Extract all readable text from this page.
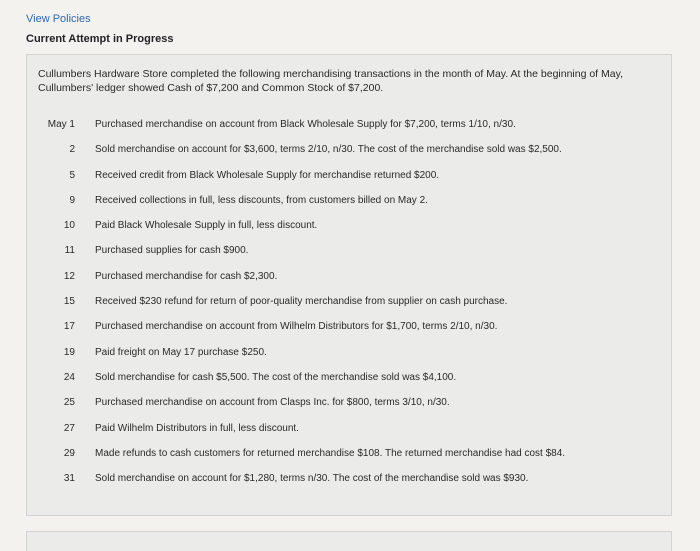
View Policies
Current Attempt in Progress
Cullumbers Hardware Store completed the following merchandising transactions in the month of May. At the beginning of May,
Cullumbers' ledger showed Cash of $7,200 and Common Stock of $7,200.
May 1 Purchased merchandise on account from Black Wholesale Supply for $7,200, terms 1/10, n/30.
2 Sold merchandise on account for $3,600, terms 2/10, n/30. The cost of the merchandise sold was $2,500.
5 Received credit from Black Wholesale Supply for merchandise returned $200.
9 Received collections in full, less discounts, from customers billed on May 2.
10 Paid Black Wholesale Supply in full, less discount.
11 Purchased supplies for cash $900.
12 Purchased merchandise for cash $2,300.
15 Received $230 refund for return of poor-quality merchandise from supplier on cash purchase.
17 Purchased merchandise on account from Wilhelm Distributors for $1,700, terms 2/10, n/30.
19 Paid freight on May 17 purchase $250.
24 Sold merchandise for cash $5,500. The cost of the merchandise sold was $4,100.
25 Purchased merchandise on account from Clasps Inc. for $800, terms 3/10, n/30.
27 Paid Wilhelm Distributors in full, less discount.
29 Made refunds to cash customers for returned merchandise $108. The returned merchandise had cost $84.
31 Sold merchandise on account for $1,280, terms n/30. The cost of the merchandise sold was $930.
